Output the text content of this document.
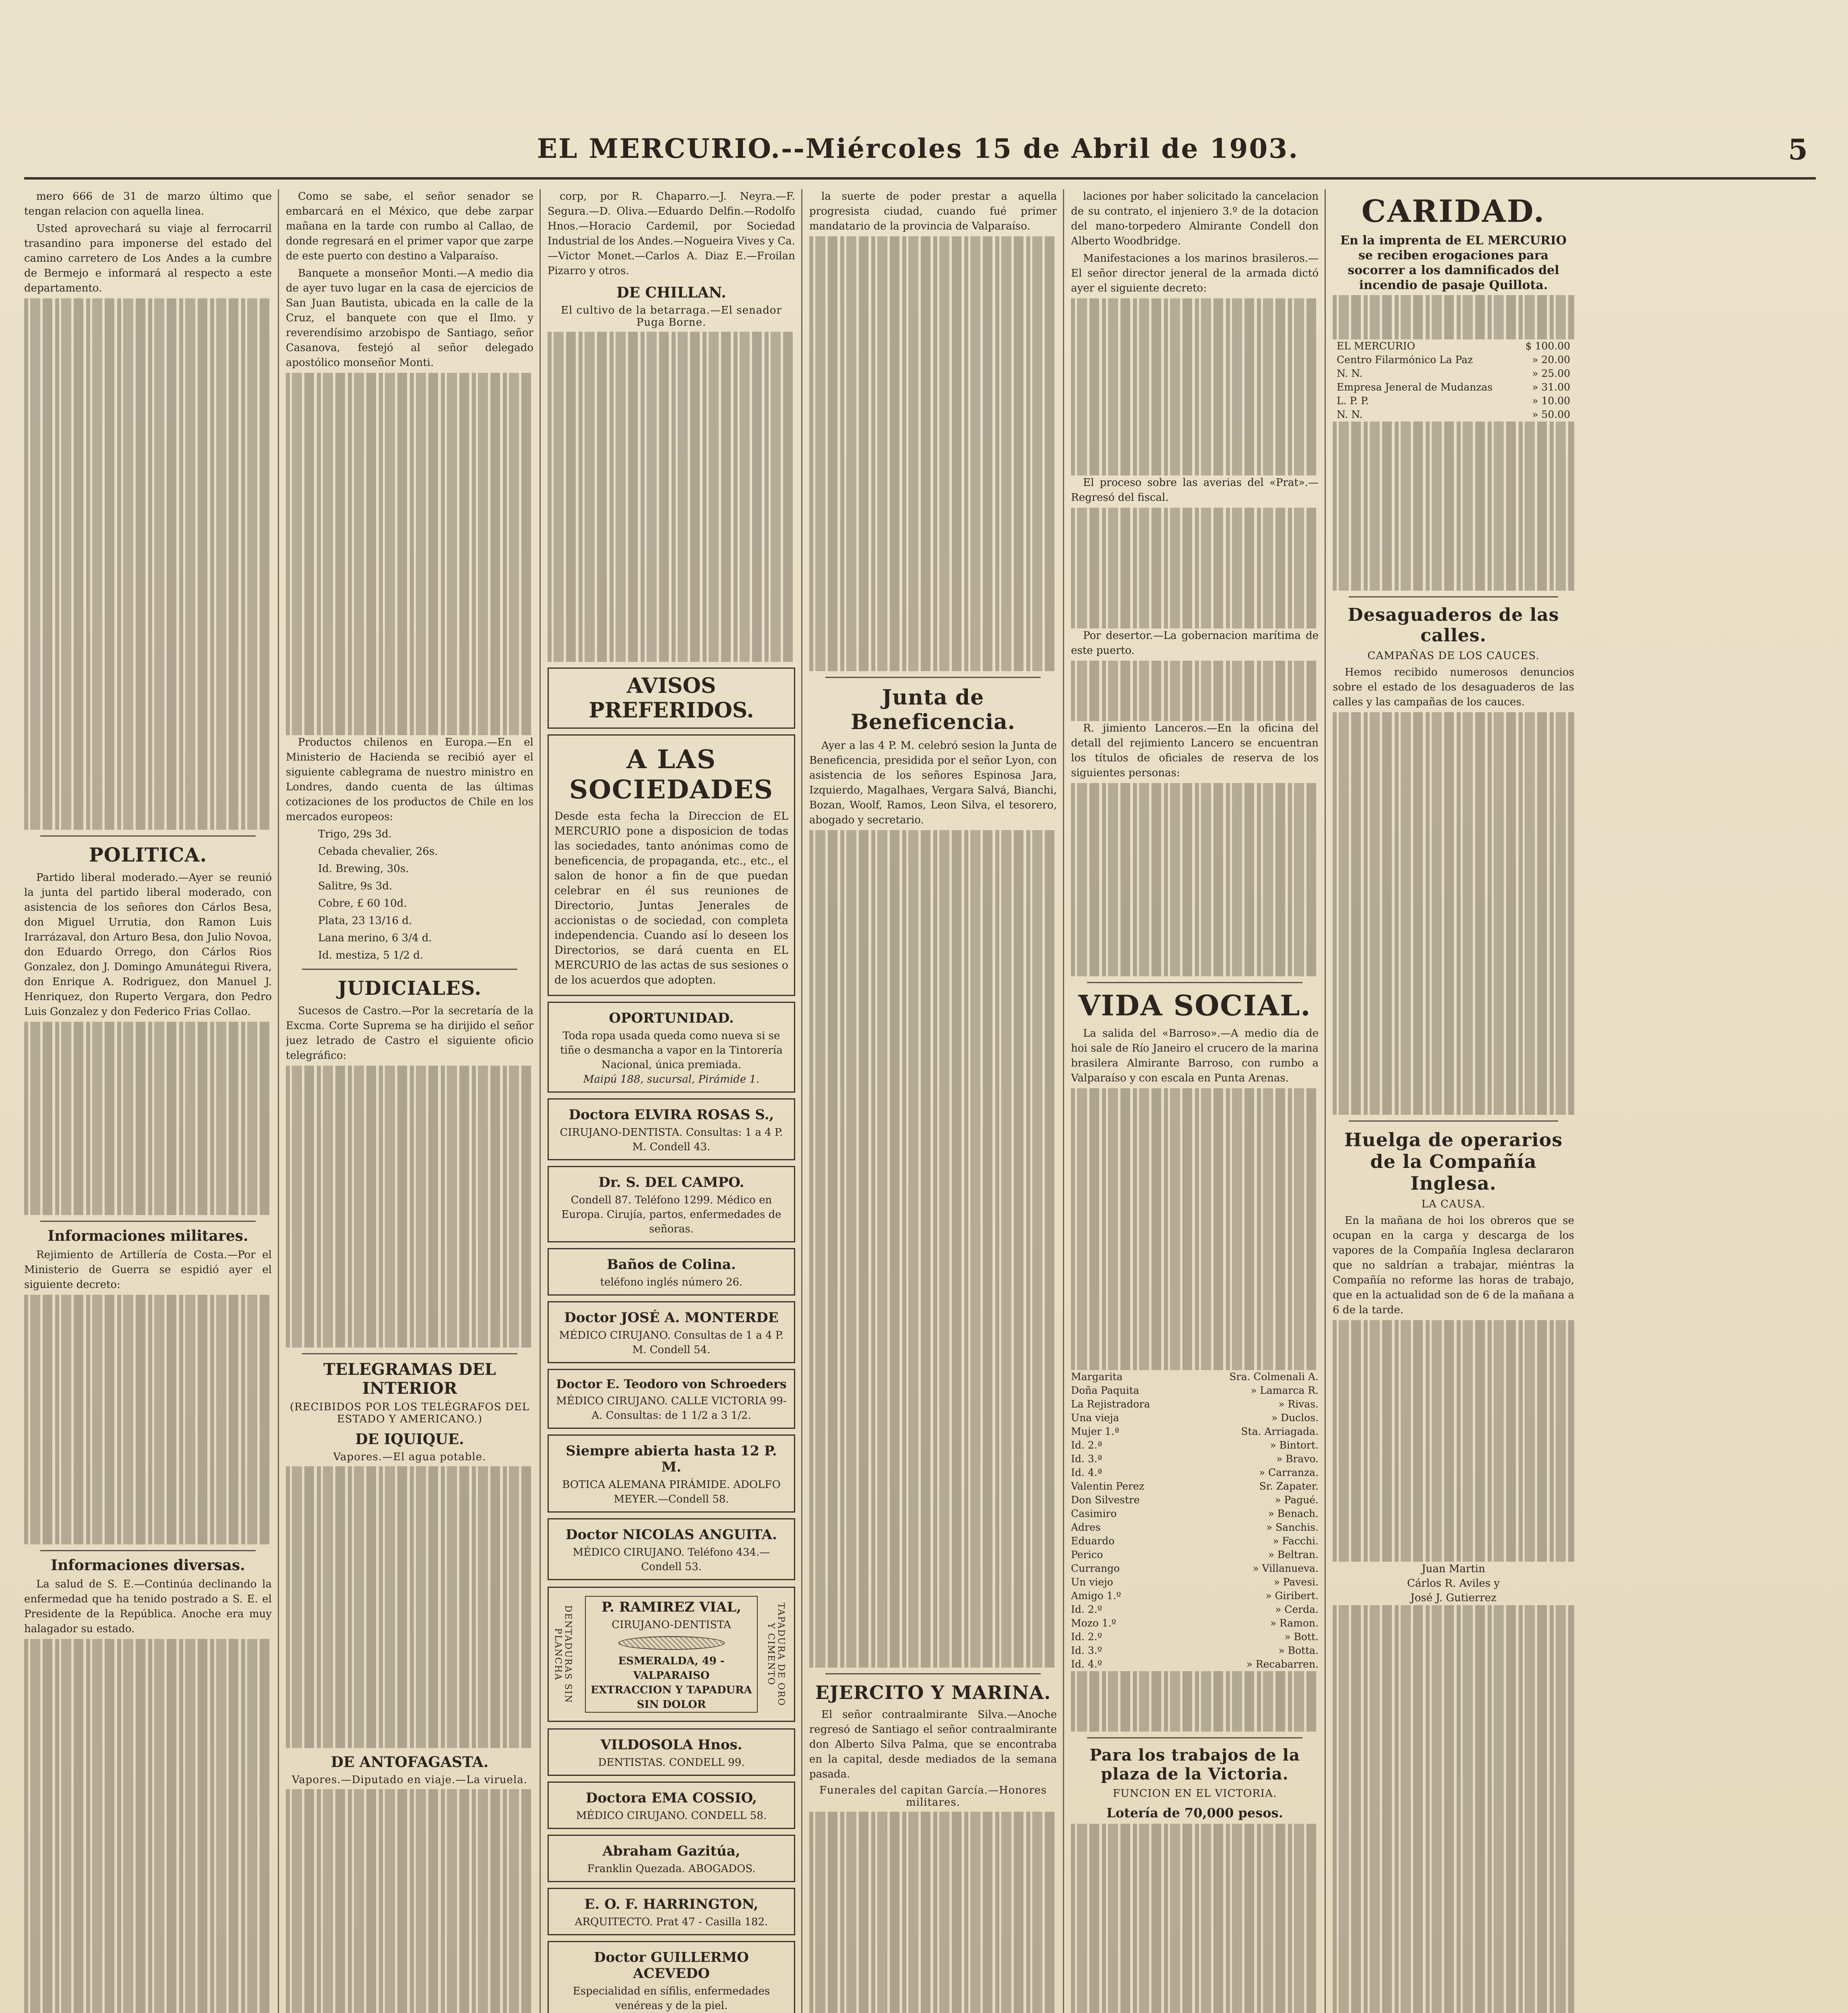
EL MERCURIO.--Miércoles 15 de Abril de 1903.	5

mero 666 de 31 de marzo último que tengan relacion con aquella linea.

Usted aprovechará su viaje al ferrocarril trasandino para imponerse del estado del camino carretero de Los Andes a la cumbre de Bermejo e informará al respecto a este departamento.

POLITICA.

Partido liberal moderado.—Ayer se reunió la junta del partido liberal moderado, con asistencia de los señores don Cárlos Besa, don Miguel Urrutia, don Ramon Luis Irarrázaval, don Arturo Besa, don Julio Novoa, don Eduardo Orrego, don Cárlos Rios Gonzalez, don J. Domingo Amunátegui Rivera, don Enrique A. Rodriguez, don Manuel J. Henriquez, don Ruperto Vergara, don Pedro Luis Gonzalez y don Federico Frias Collao.

Informaciones militares.

Rejimiento de Artillería de Costa.—Por el Ministerio de Guerra se espidió ayer el siguiente decreto:

Informaciones diversas.

La salud de S. E.—Continúa declinando la enfermedad que ha tenido postrado a S. E. el Presidente de la República. Anoche era muy halagador su estado.

Como se sabe, el señor senador se embarcará en el México, que debe zarpar mañana en la tarde con rumbo al Callao, de donde regresará en el primer vapor que zarpe de este puerto con destino a Valparaíso.

Banquete a monseñor Monti.—A medio dia de ayer tuvo lugar en la casa de ejercicios de San Juan Bautista, ubicada en la calle de la Cruz, el banquete con que el Ilmo. y reverendísimo arzobispo de Santiago, señor Casanova, festejó al señor delegado apostólico monseñor Monti.

Productos chilenos en Europa.—En el Ministerio de Hacienda se recibió ayer el siguiente cablegrama de nuestro ministro en Londres, dando cuenta de las últimas cotizaciones de los productos de Chile en los mercados europeos:

Trigo, 29s 3d.
Cebada chevalier, 26s.
Id. Brewing, 30s.
Salitre, 9s 3d.
Cobre, £ 60 10d.
Plata, 23 13/16 d.
Lana merino, 6 3/4 d.
Id. mestiza, 5 1/2 d.
JUDICIALES.

Sucesos de Castro.—Por la secretaría de la Excma. Corte Suprema se ha dirijido el señor juez letrado de Castro el siguiente oficio telegráfico:

TELEGRAMAS DEL INTERIOR
(RECIBIDOS POR LOS TELÉGRAFOS DEL ESTADO Y AMERICANO.)
DE IQUIQUE.
Vapores.—El agua potable.
DE ANTOFAGASTA.
Vapores.—Diputado en viaje.—La viruela.

corp, por R. Chaparro.—J. Neyra.—F. Segura.—D. Oliva.—Eduardo Delfin.—Rodolfo Hnos.—Horacio Cardemil, por Sociedad Industrial de los Andes.—Nogueira Vives y Ca.—Victor Monet.—Carlos A. Diaz E.—Froilan Pizarro y otros.

DE CHILLAN.
El cultivo de la betarraga.—El senador Puga Borne.
AVISOS PREFERIDOS.
A LAS SOCIEDADES

Desde esta fecha la Direccion de EL MERCURIO pone a disposicion de todas las sociedades, tanto anónimas como de beneficencia, de propaganda, etc., etc., el salon de honor a fin de que puedan celebrar en él sus reuniones de Directorio, Juntas Jenerales de accionistas o de sociedad, con completa independencia. Cuando así lo deseen los Directorios, se dará cuenta en EL MERCURIO de las actas de sus sesiones o de los acuerdos que adopten.

OPORTUNIDAD.
Toda ropa usada queda como nueva si se tiñe o desmancha a vapor en la Tintorería Nacional, única premiada.
Maipú 188, sucursal, Pirámide 1.
Doctora ELVIRA ROSAS S.,
CIRUJANO-DENTISTA. Consultas: 1 a 4 P. M. Condell 43.
Dr. S. DEL CAMPO.
Condell 87. Teléfono 1299. Médico en Europa. Cirujía, partos, enfermedades de señoras.
Baños de Colina.
teléfono inglés número 26.
Doctor JOSÉ A. MONTERDE
MÉDICO CIRUJANO. Consultas de 1 a 4 P. M. Condell 54.
Doctor E. Teodoro von Schroeders
MÉDICO CIRUJANO. CALLE VICTORIA 99-A. Consultas: de 1 1/2 a 3 1/2.
Siempre abierta hasta 12 P. M.
BOTICA ALEMANA PIRÁMIDE. ADOLFO MEYER.—Condell 58.
Doctor NICOLAS ANGUITA.
MÉDICO CIRUJANO. Teléfono 434.—Condell 53.
DENTADURAS SIN PLANCHA	TAPADURA DE ORO Y CIMENTO
P. RAMIREZ VIAL,
CIRUJANO-DENTISTA
ESMERALDA, 49 - VALPARAISO
EXTRACCION Y TAPADURA SIN DOLOR
VILDOSOLA Hnos.
DENTISTAS. CONDELL 99.
Doctora EMA COSSIO,
MÉDICO CIRUJANO. CONDELL 58.
Abraham Gazitúa,
Franklin Quezada. ABOGADOS.
E. O. F. HARRINGTON,
ARQUITECTO. Prat 47 - Casilla 182.
Doctor GUILLERMO ACEVEDO
Especialidad en sífilis, enfermedades venéreas y de la piel.

la suerte de poder prestar a aquella progresista ciudad, cuando fué primer mandatario de la provincia de Valparaíso.

Junta de Beneficencia.

Ayer a las 4 P. M. celebró sesion la Junta de Beneficencia, presidida por el señor Lyon, con asistencia de los señores Espinosa Jara, Izquierdo, Magalhaes, Vergara Salvá, Bianchi, Bozan, Woolf, Ramos, Leon Silva, el tesorero, abogado y secretario.

EJERCITO Y MARINA.

El señor contraalmirante Silva.—Anoche regresó de Santiago el señor contraalmirante don Alberto Silva Palma, que se encontraba en la capital, desde mediados de la semana pasada.

Funerales del capitan García.—Honores militares.

laciones por haber solicitado la cancelacion de su contrato, el injeniero 3.º de la dotacion del mano-torpedero Almirante Condell don Alberto Woodbridge.

Manifestaciones a los marinos brasileros.—El señor director jeneral de la armada dictó ayer el siguiente decreto:

El proceso sobre las averias del «Prat».—Regresó del fiscal.

Por desertor.—La gobernacion marítima de este puerto.

R. jimiento Lanceros.—En la oficina del detall del rejimiento Lancero se encuentran los títulos de oficiales de reserva de los siguientes personas:

VIDA SOCIAL.

La salida del «Barroso».—A medio dia de hoi sale de Río Janeiro el crucero de la marina brasilera Almirante Barroso, con rumbo a Valparaíso y con escala en Punta Arenas.

Margarita	Sra. Colmenali A.
Doña Paquita	» Lamarca R.
La Rejistradora	» Rivas.
Una vieja	» Duclos.
Mujer 1.ª	Sta. Arriagada.
Id. 2.ª	» Bintort.
Id. 3.ª	» Bravo.
Id. 4.ª	» Carranza.
Valentin Perez	Sr. Zapater.
Don Silvestre	» Pagué.
Casimiro	» Benach.
Adres	» Sanchis.
Eduardo	» Facchi.
Perico	» Beltran.
Currango	» Villanueva.
Un viejo	» Pavesi.
Amigo 1.º	» Giribert.
Id. 2.º	» Cerda.
Mozo 1.º	» Ramon.
Id. 2.º	» Bott.
Id. 3.º	» Botta.
Id. 4.º	» Recabarren.
Para los trabajos de la plaza de la Victoria.
FUNCION EN EL VICTORIA.
Lotería de 70,000 pesos.
CARIDAD.

En la imprenta de EL MERCURIO se reciben erogaciones para socorrer a los damnificados del incendio de pasaje Quillota.

EL MERCURIO	$ 100.00
Centro Filarmónico La Paz	» 20.00
N. N.	» 25.00
Empresa Jeneral de Mudanzas	» 31.00
L. P. P.	» 10.00
N. N.	» 50.00
Desaguaderos de las calles.
CAMPAÑAS DE LOS CAUCES.

Hemos recibido numerosos denuncios sobre el estado de los desaguaderos de las calles y las campañas de los cauces.

Huelga de operarios de la Compañía Inglesa.
LA CAUSA.

En la mañana de hoi los obreros que se ocupan en la carga y descarga de los vapores de la Compañía Inglesa declararon que no saldrían a trabajar, miéntras la Compañía no reforme las horas de trabajo, que en la actualidad son de 6 de la mañana a 6 de la tarde.

Juan Martin
Cárlos R. Aviles y
José J. Gutierrez
